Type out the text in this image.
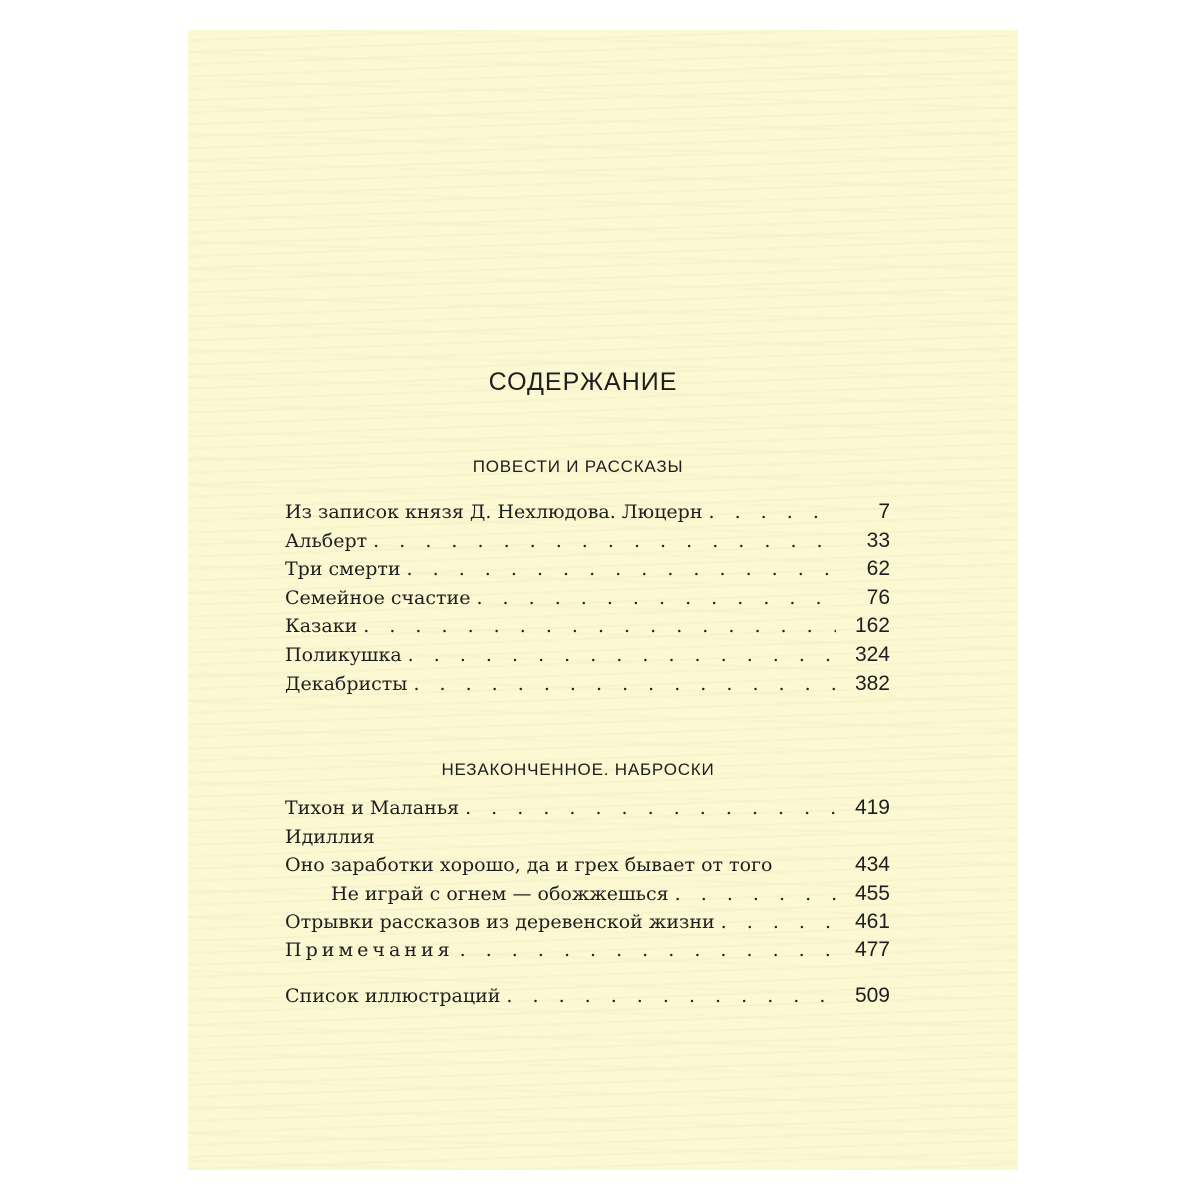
СОДЕРЖАНИЕ
ПОВЕСТИ И РАССКАЗЫ
Из записок князя Д. Нехлюдова. Люцерн . . .	7
Альберт . . .	33
Три смерти . . .	62
Семейное счастие . . .	76
Казаки . . .	162
Поликушка . . .	324
Декабристы . . .	382
НЕЗАКОНЧЕННОЕ. НАБРОСКИ
Тихон и Маланья . . .	419
Идиллия
Оно заработки хорошо, да и грех бывает от того	434
Не играй с огнем — обожжешься . . .	455
Отрывки рассказов из деревенской жизни . . .	461
Примечания . . .	477
Список иллюстраций . . .	509
